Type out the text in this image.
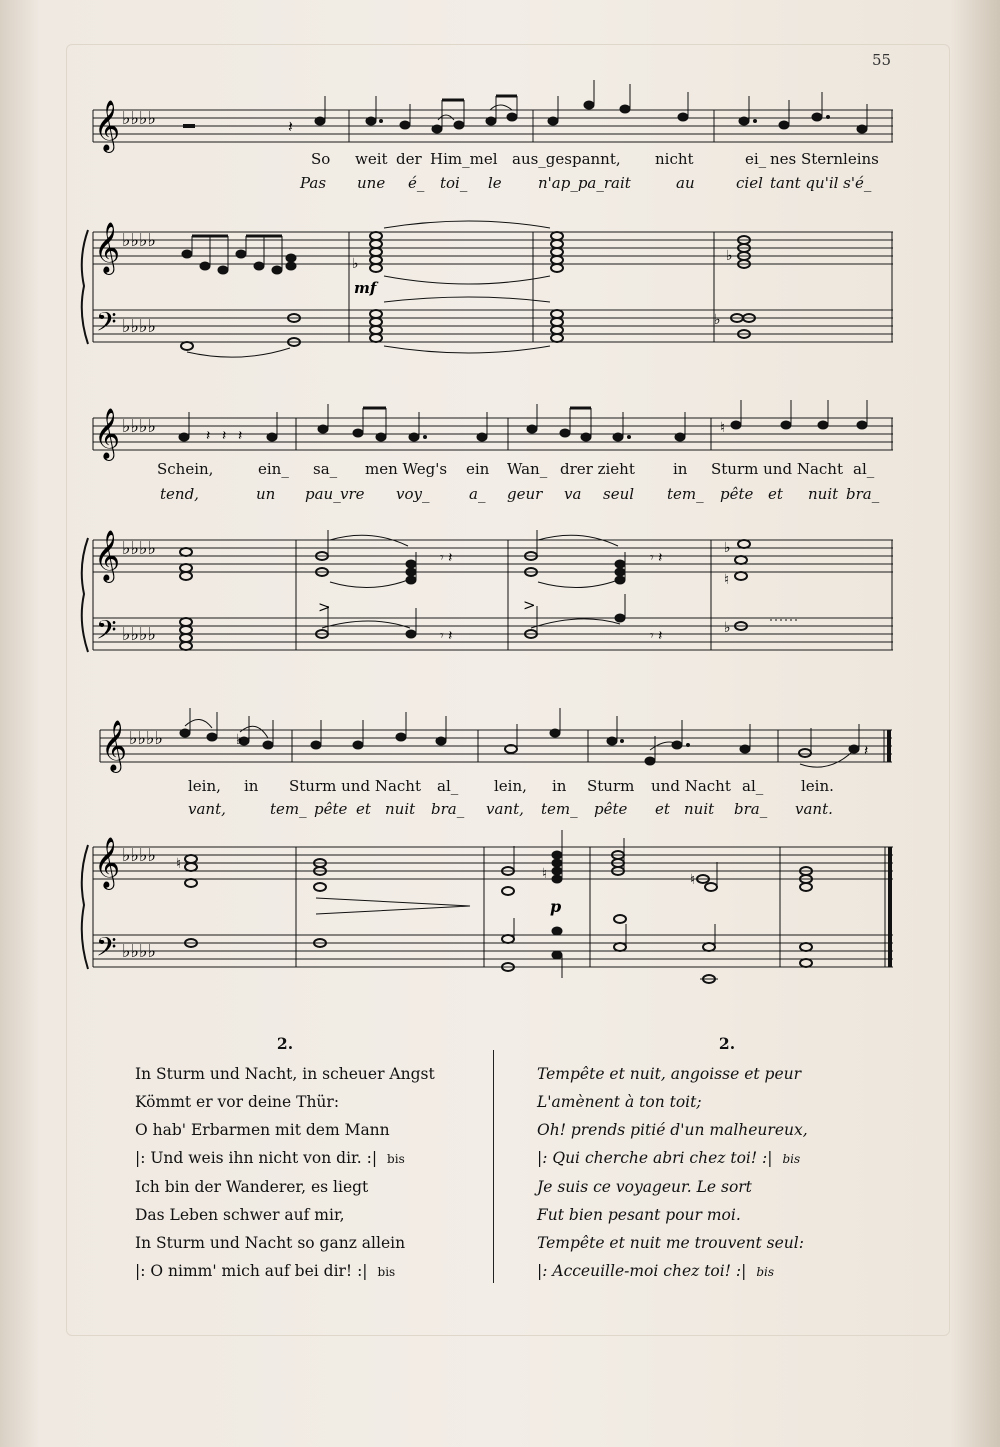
55
𝄞 ♭♭♭♭	𝄽
𝄞 ♭♭♭♭
♭	♭
𝄢 ♭♭♭♭	♭
mf
𝄞 ♭♭♭♭	♮
𝄽 𝄽 𝄽
𝄞 ♭♭♭♭	𝄾 𝄽	𝄾 𝄽
♭
♮
𝄢 ♭♭♭♭	𝄾 𝄽	𝄾 𝄽	♭
>	>
𝄞 ♭♭♭♭	♭
𝄽
𝄞 ♭♭♭♭ ♮
♮	♮
p
𝄢 ♭♭♭♭
So weit der Him_mel aus_gespannt, nicht	ei_ nes Sternleins
Pas une é_ toi_ le n'ap_pa_rait	au	ciel tant qu'il s'é_
Schein,	ein_ sa_ men Weg's ein Wan_ drer zieht	in Sturm und Nacht al_
tend,	un pau_ vre voy_	a_ geur va seul tem_ pête et nuit bra_
lein, in Sturm und Nacht al_ lein, in Sturm und Nacht al_	lein.
vant,	tem_ pête et nuit bra_ vant, tem_ pête et nuit bra_ vant.
2.
In Sturm und Nacht, in scheuer Angst
Kömmt er vor deine Thür:
O hab' Erbarmen mit dem Mann
|: Und weis ihn nicht von dir. :| bis
Ich bin der Wanderer, es liegt
Das Leben schwer auf mir,
In Sturm und Nacht so ganz allein
|: O nimm' mich auf bei dir! :| bis
2.
Tempête et nuit, angoisse et peur
L'amènent à ton toit;
Oh! prends pitié d'un malheureux,
|: Qui cherche abri chez toi! :| bis
Je suis ce voyageur. Le sort
Fut bien pesant pour moi.
Tempête et nuit me trouvent seul:
|: Acceuille-moi chez toi! :| bis
